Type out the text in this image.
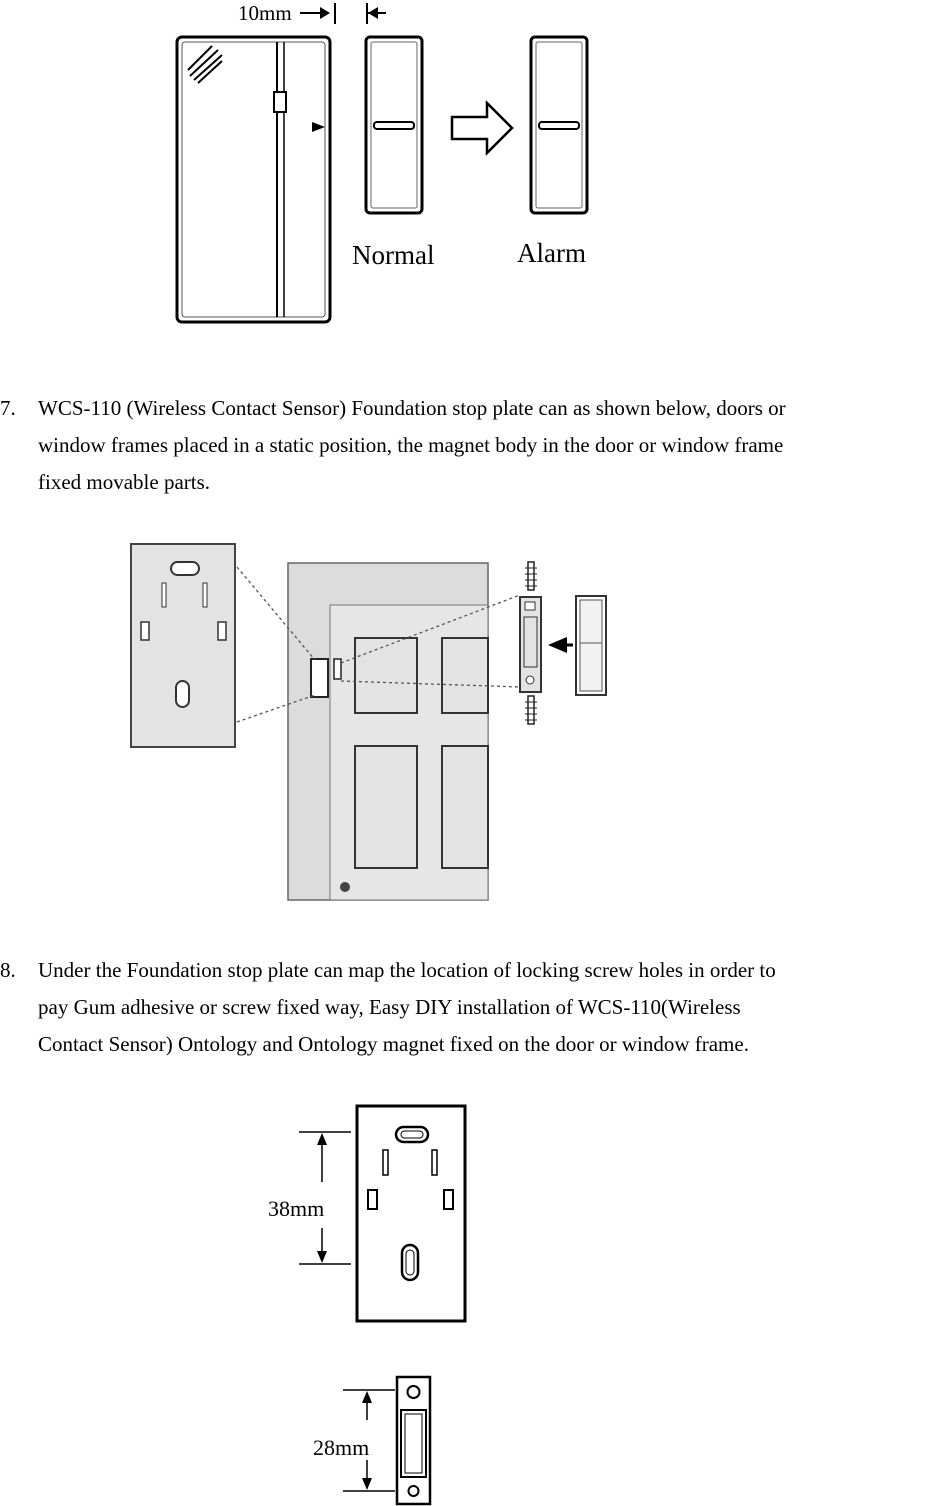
10mm
Normal	Alarm
7.	WCS-110 (Wireless Contact Sensor) Foundation stop plate can as shown below, doors or
window frames placed in a static position, the magnet body in the door or window frame
fixed movable parts.
8.	Under the Foundation stop plate can map the location of locking screw holes in order to
pay Gum adhesive or screw fixed way, Easy DIY installation of WCS-110(Wireless
Contact Sensor) Ontology and Ontology magnet fixed on the door or window frame.
38mm
28mm
